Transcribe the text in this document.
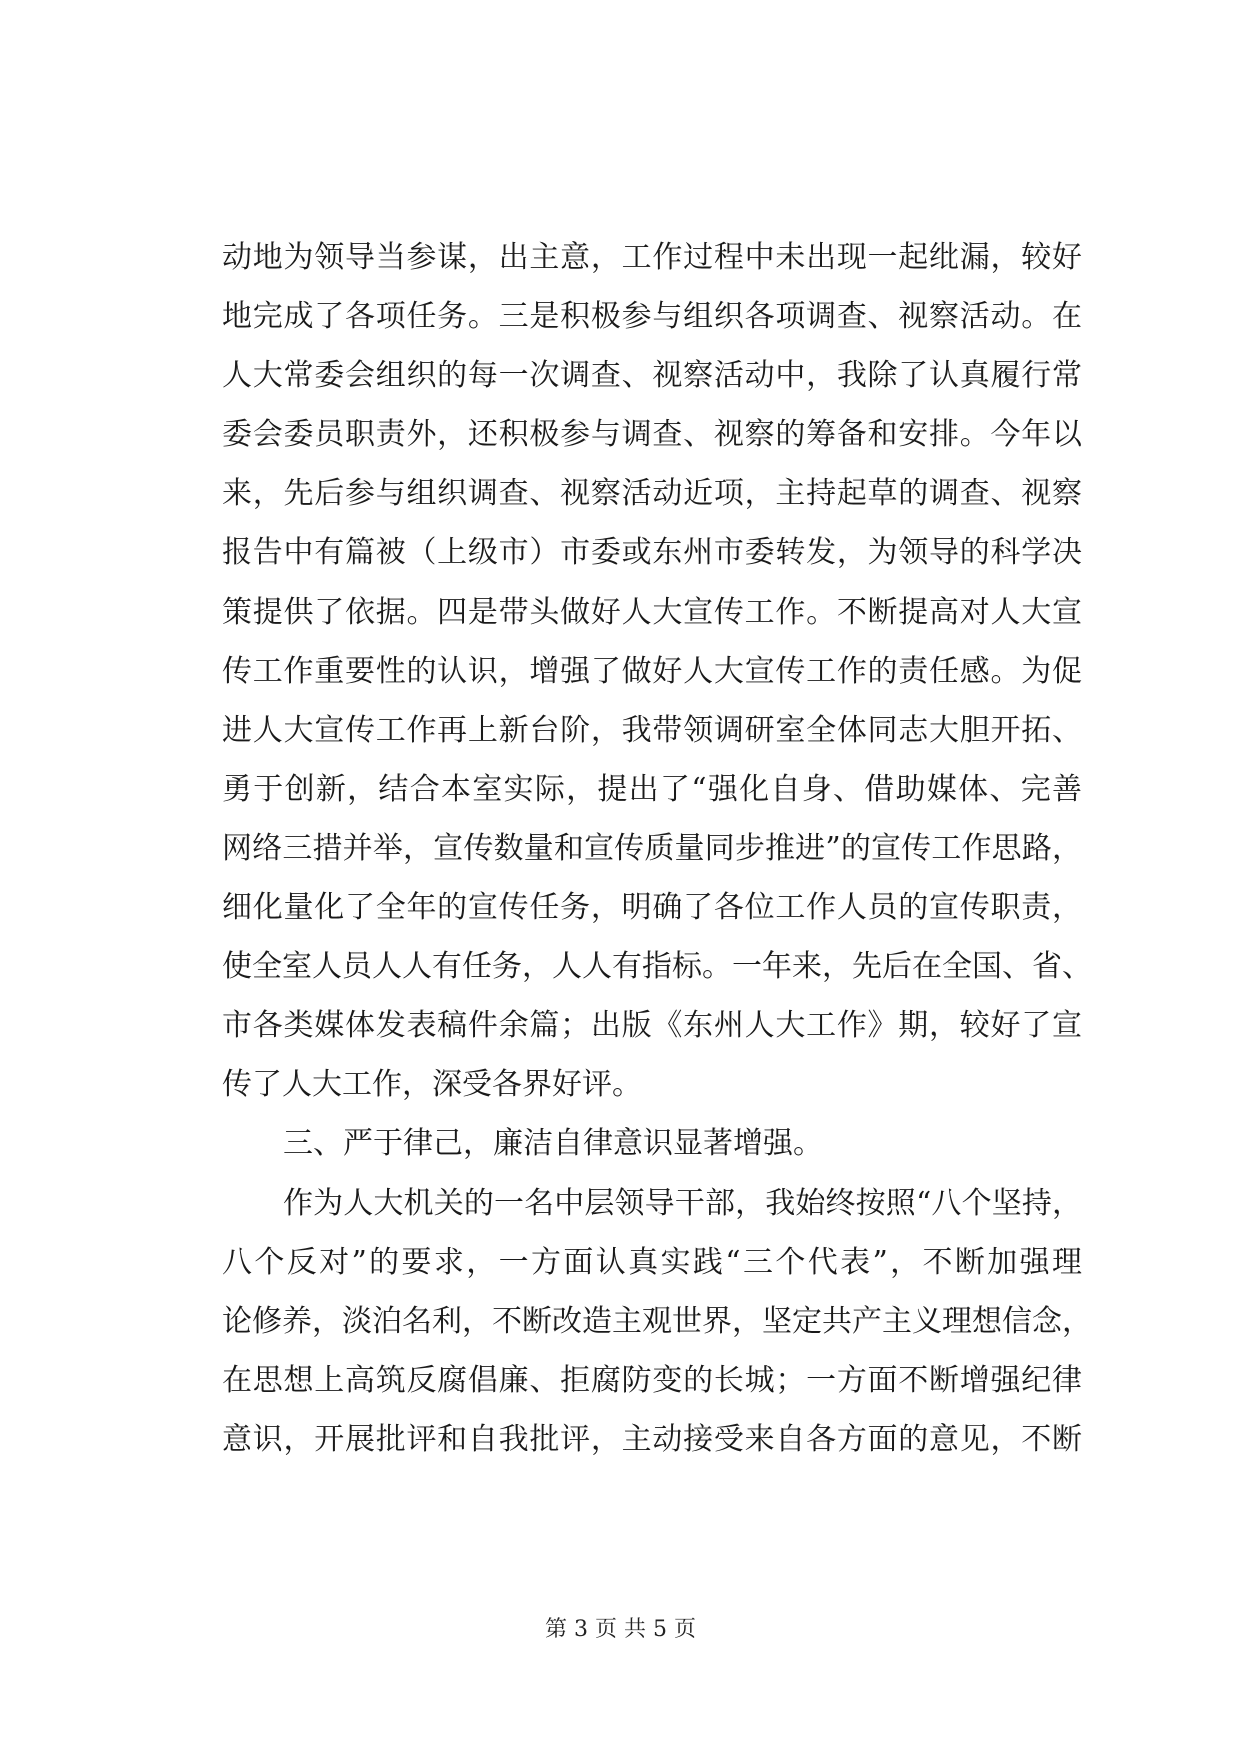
动地为领导当参谋，出主意，工作过程中未出现一起纰漏，较好
地完成了各项任务。三是积极参与组织各项调查、视察活动。在
人大常委会组织的每一次调查、视察活动中，我除了认真履行常
委会委员职责外，还积极参与调查、视察的筹备和安排。今年以
来，先后参与组织调查、视察活动近项，主持起草的调查、视察
报告中有篇被（上级市）市委或东州市委转发，为领导的科学决
策提供了依据。四是带头做好人大宣传工作。不断提高对人大宣
传工作重要性的认识，增强了做好人大宣传工作的责任感。为促
进人大宣传工作再上新台阶，我带领调研室全体同志大胆开拓、
勇于创新，结合本室实际，提出了“强化自身、借助媒体、完善
网络三措并举，宣传数量和宣传质量同步推进”的宣传工作思路，
细化量化了全年的宣传任务，明确了各位工作人员的宣传职责，
使全室人员人人有任务，人人有指标。一年来，先后在全国、省、
市各类媒体发表稿件余篇；出版《东州人大工作》期，较好了宣
传了人大工作，深受各界好评。
三、严于律己，廉洁自律意识显著增强。
作为人大机关的一名中层领导干部，我始终按照“八个坚持，
八个反对”的要求，一方面认真实践“三个代表”，不断加强理
论修养，淡泊名利，不断改造主观世界，坚定共产主义理想信念，
在思想上高筑反腐倡廉、拒腐防变的长城；一方面不断增强纪律
意识，开展批评和自我批评，主动接受来自各方面的意见，不断
第 3 页 共 5 页
